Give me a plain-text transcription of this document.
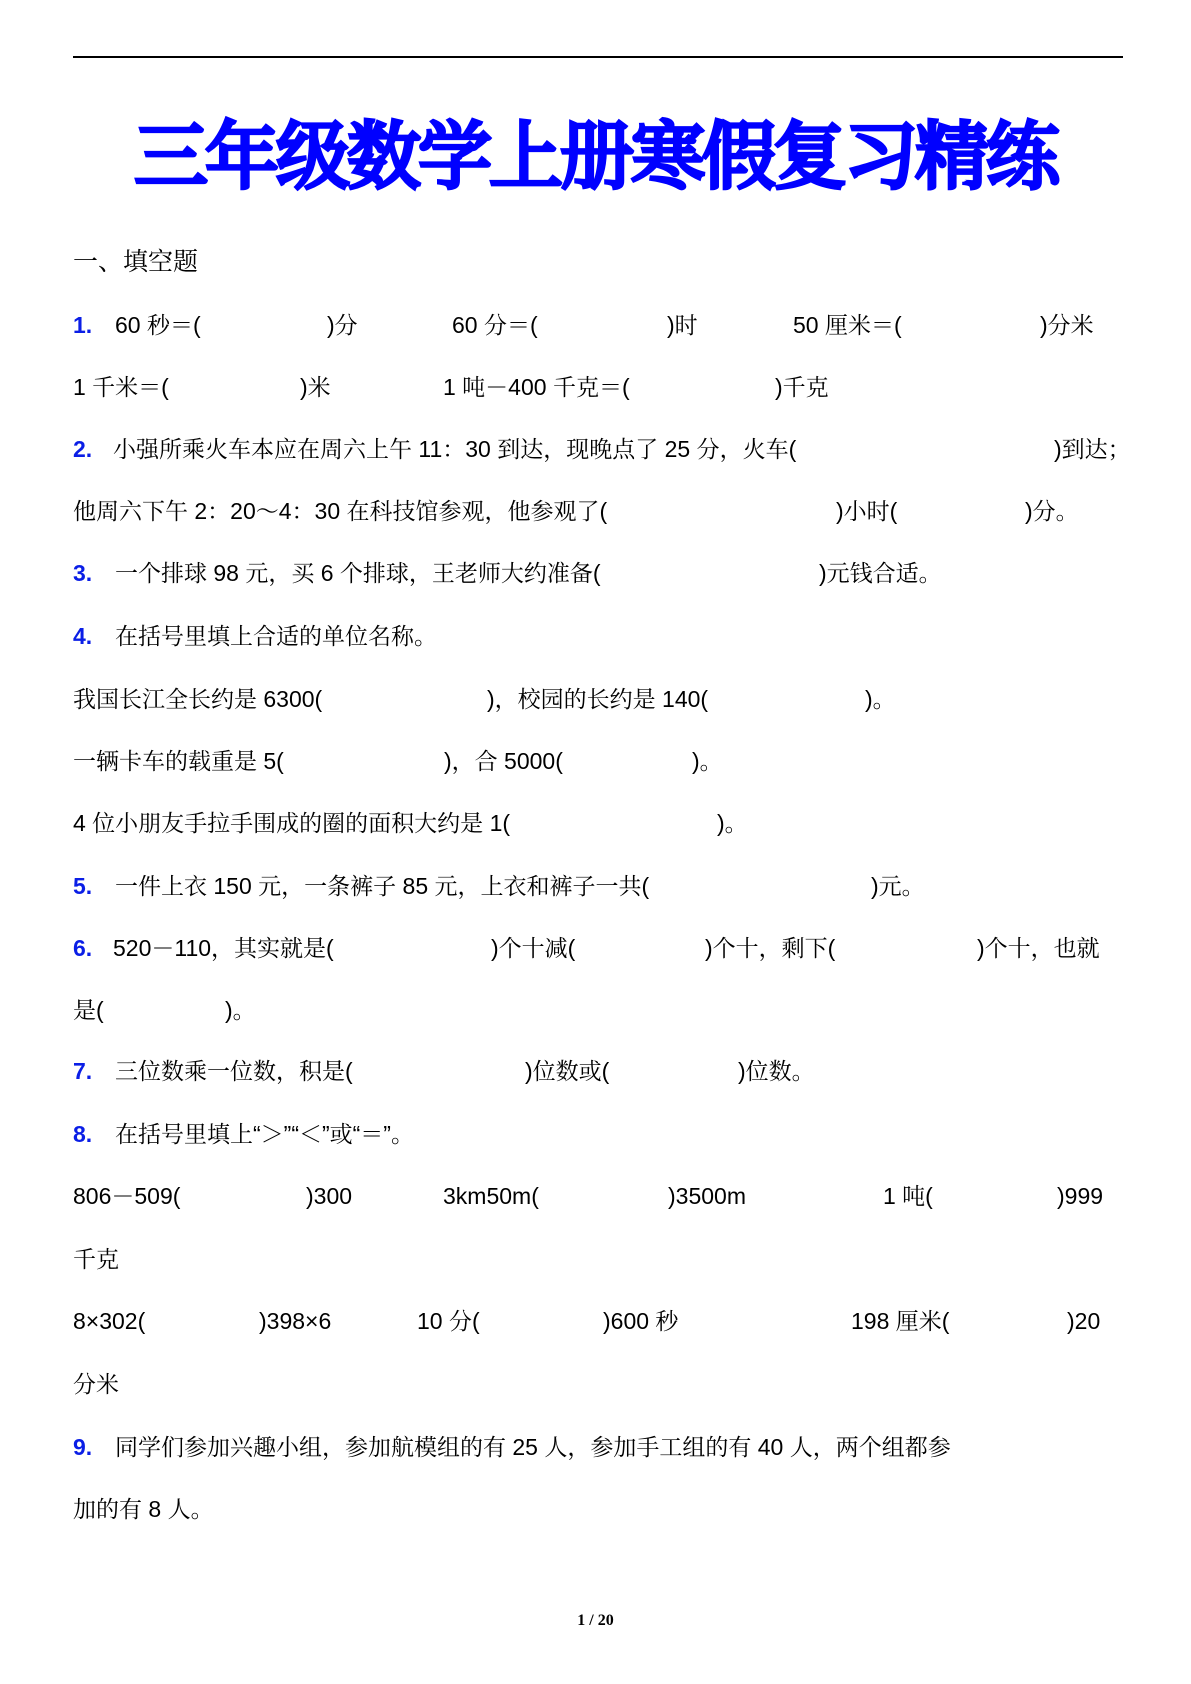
三年级数学上册寒假复习精练
一、填空题
1. 60 秒＝(	)分	60 分＝(	)时	50 厘米＝(	)分米
1 千米＝(	)米	1 吨－400 千克＝(	)千克
2. 小强所乘火车本应在周六上午 11：30 到达，现晚点了 25 分，火车(	)到达；
他周六下午 2：20～4：30 在科技馆参观，他参观了(	)小时(	)分。
3. 一个排球 98 元，买 6 个排球，王老师大约准备(	)元钱合适。
4. 在括号里填上合适的单位名称。
我国长江全长约是 6300(	)，校园的长约是 140(	)。
一辆卡车的载重是 5(	)，合 5000(	)。
4 位小朋友手拉手围成的圈的面积大约是 1(	)。
5. 一件上衣 150 元，一条裤子 85 元，上衣和裤子一共(	)元。
6. 520－110，其实就是(	)个十减(	)个十，剩下(	)个十，也就
是(	)。
7. 三位数乘一位数，积是(	)位数或(	)位数。
8. 在括号里填上“＞”“＜”或“＝”。
806－509(	)300	3km50m(	)3500m	1 吨(	)999
千克
8×302(	)398×6	10 分(	)600 秒	198 厘米(	)20
分米
9. 同学们参加兴趣小组，参加航模组的有 25 人，参加手工组的有 40 人，两个组都参
加的有 8 人。
1 / 20
